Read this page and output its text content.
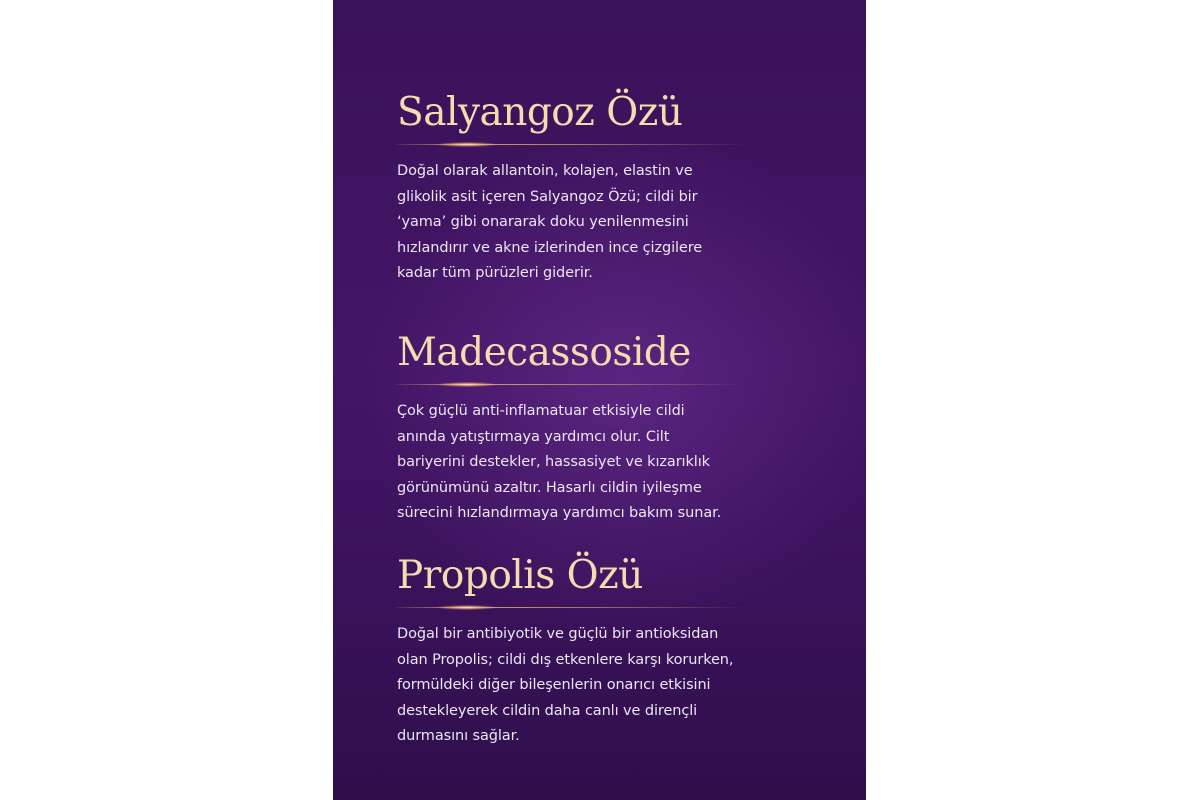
Salyangoz Özü

Doğal olarak allantoin, kolajen, elastin ve
glikolik asit içeren Salyangoz Özü; cildi bir
‘yama’ gibi onararak doku yenilenmesini
hızlandırır ve akne izlerinden ince çizgilere
kadar tüm pürüzleri giderir.

Madecassoside

Çok güçlü anti-inflamatuar etkisiyle cildi
anında yatıştırmaya yardımcı olur. Cilt
bariyerini destekler, hassasiyet ve kızarıklık
görünümünü azaltır. Hasarlı cildin iyileşme
sürecini hızlandırmaya yardımcı bakım sunar.

Propolis Özü

Doğal bir antibiyotik ve güçlü bir antioksidan
olan Propolis; cildi dış etkenlere karşı korurken,
formüldeki diğer bileşenlerin onarıcı etkisini
destekleyerek cildin daha canlı ve dirençli
durmasını sağlar.
